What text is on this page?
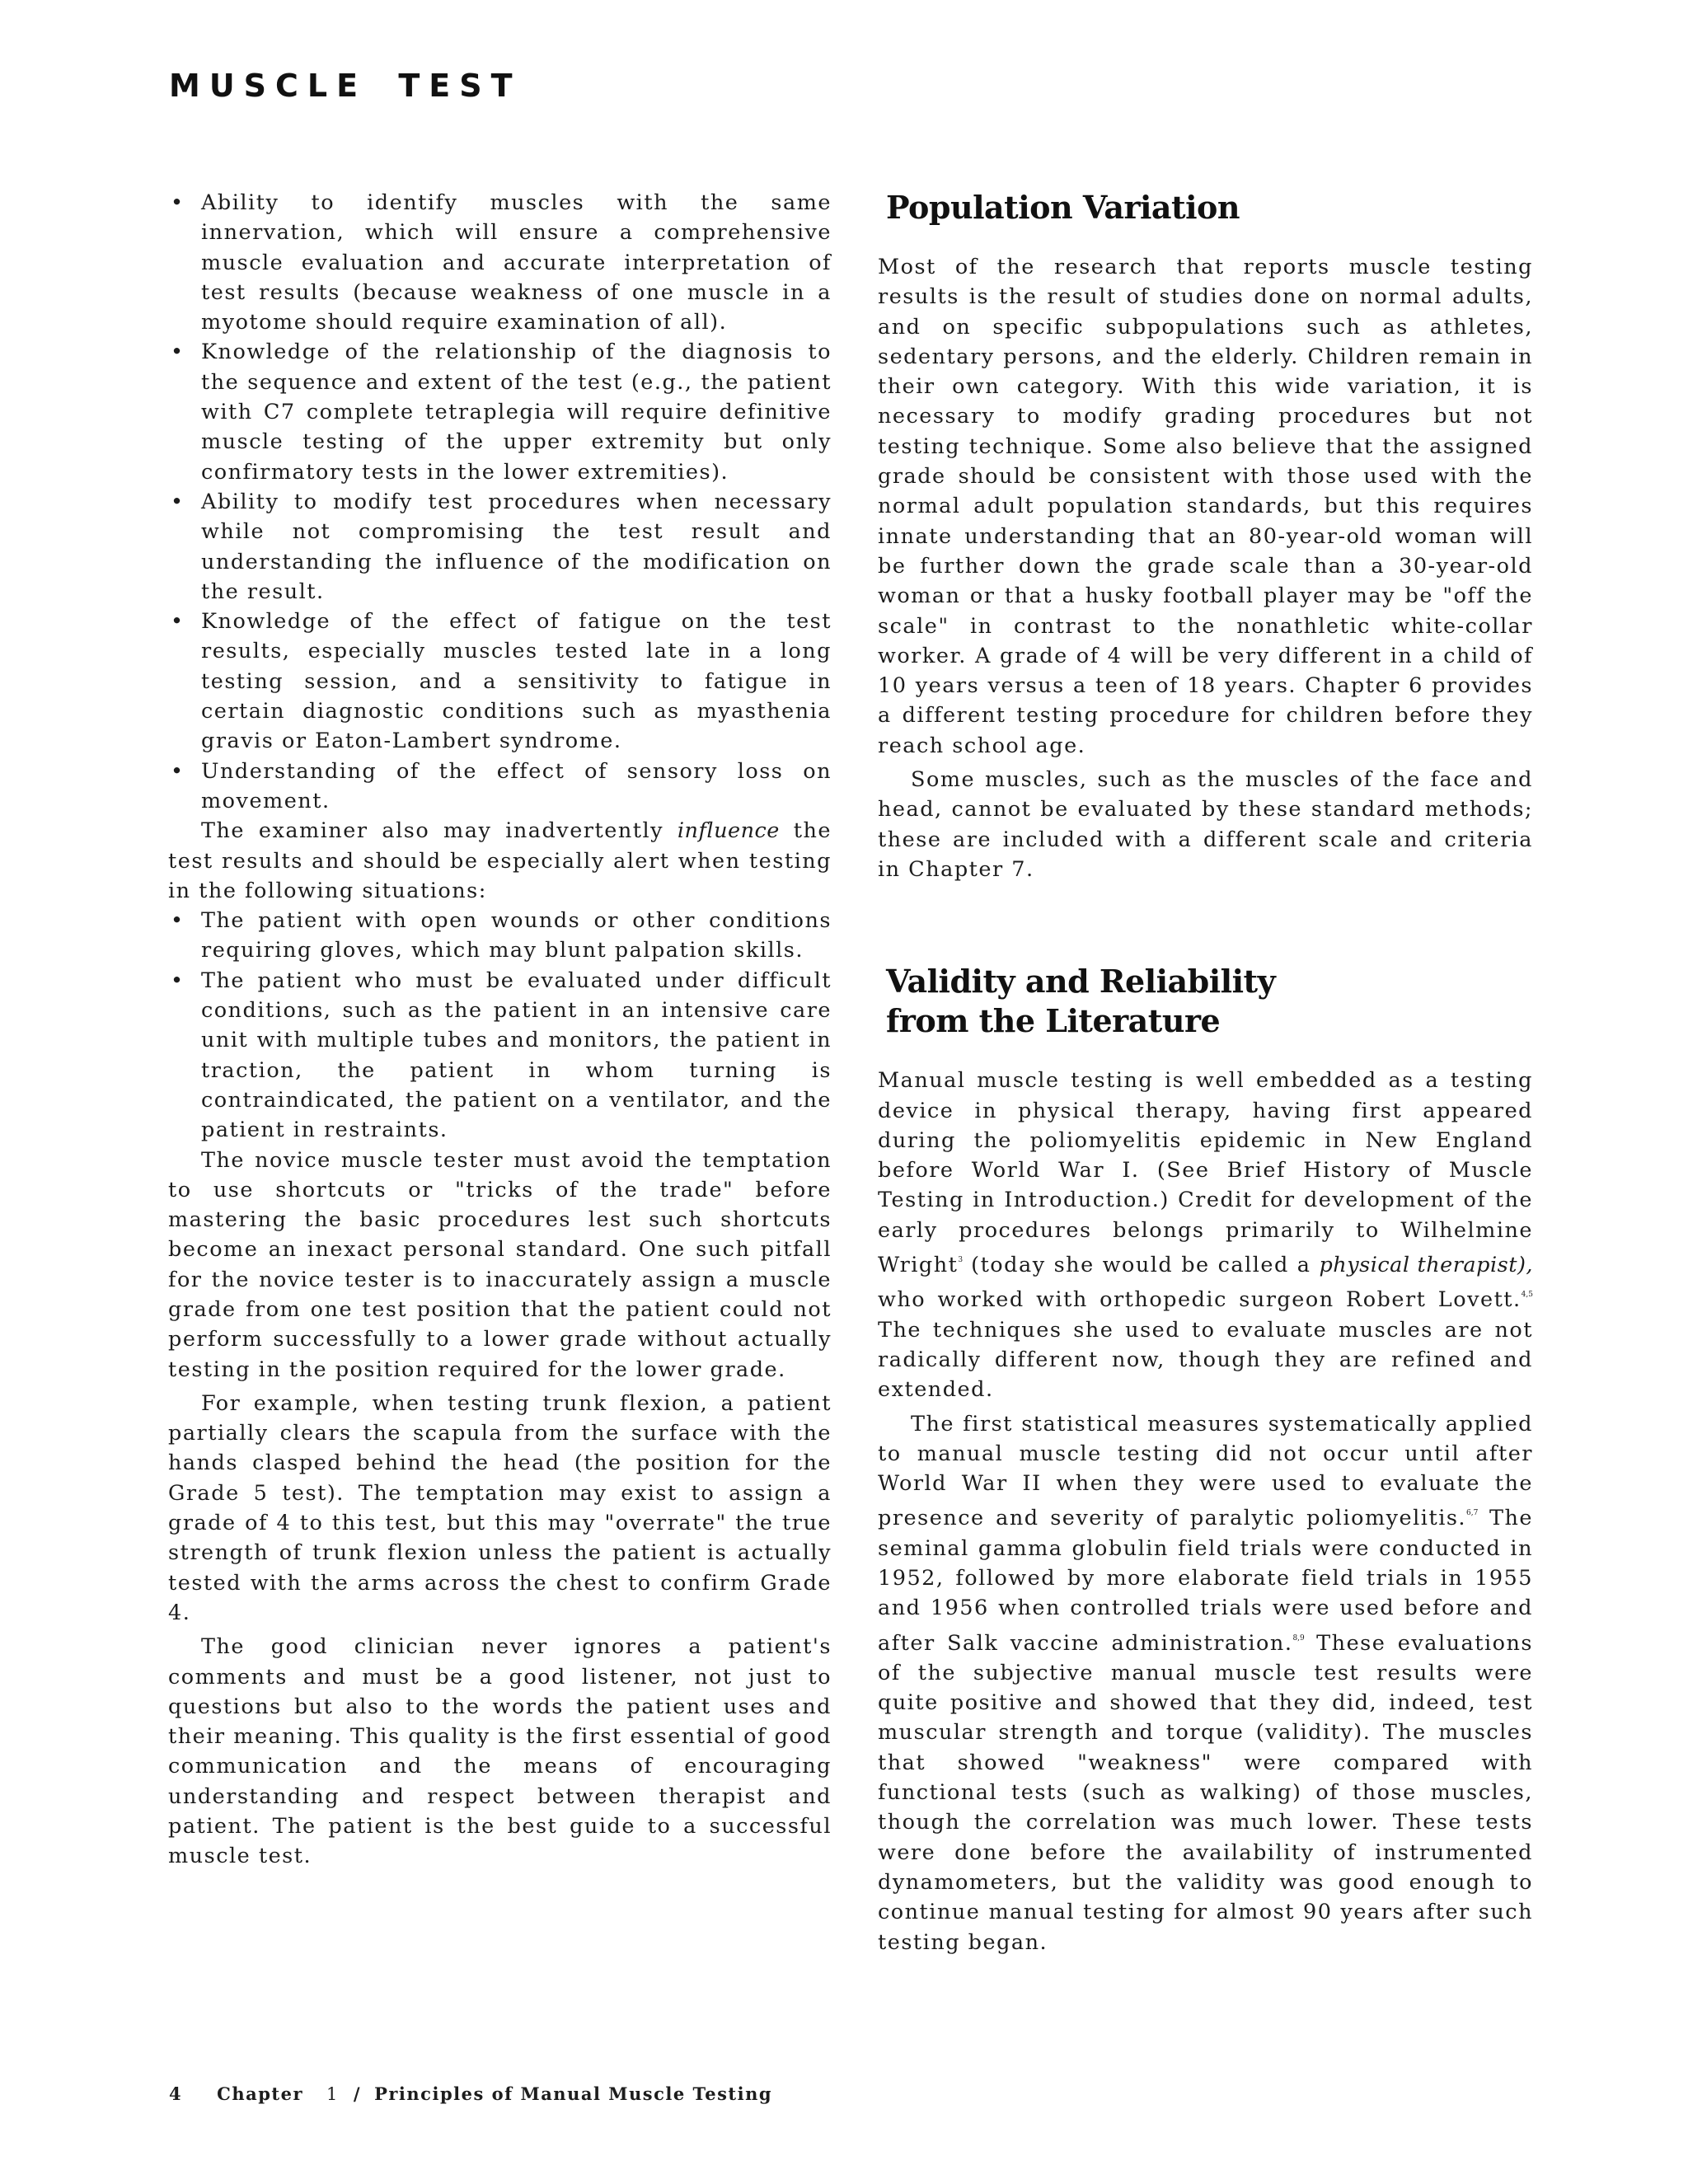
MUSCLE TEST
• Ability to identify muscles with the same innervation, which will ensure a comprehensive muscle evaluation and accurate interpretation of test results (because weakness of one muscle in a myotome should require examination of all).
• Knowledge of the relationship of the diagnosis to the sequence and extent of the test (e.g., the patient with C7 complete tetraplegia will require definitive muscle testing of the upper extremity but only confirmatory tests in the lower extremities).
• Ability to modify test procedures when necessary while not compromising the test result and understanding the influence of the modification on the result.
• Knowledge of the effect of fatigue on the test results, especially muscles tested late in a long testing session, and a sensitivity to fatigue in certain diagnostic conditions such as myasthenia gravis or Eaton-Lambert syndrome.
• Understanding of the effect of sensory loss on movement.

The examiner also may inadvertently influence the test results and should be especially alert when testing in the following situations:

• The patient with open wounds or other conditions requiring gloves, which may blunt palpation skills.
• The patient who must be evaluated under difficult conditions, such as the patient in an intensive care unit with multiple tubes and monitors, the patient in traction, the patient in whom turning is contraindicated, the patient on a ventilator, and the patient in restraints.

The novice muscle tester must avoid the temptation to use shortcuts or "tricks of the trade" before mastering the basic procedures lest such shortcuts become an inexact personal standard. One such pitfall for the novice tester is to inaccurately assign a muscle grade from one test position that the patient could not perform successfully to a lower grade without actually testing in the position required for the lower grade.

For example, when testing trunk flexion, a patient partially clears the scapula from the surface with the hands clasped behind the head (the position for the Grade 5 test). The temptation may exist to assign a grade of 4 to this test, but this may "overrate" the true strength of trunk flexion unless the patient is actually tested with the arms across the chest to confirm Grade 4.

The good clinician never ignores a patient's comments and must be a good listener, not just to questions but also to the words the patient uses and their meaning. This quality is the first essential of good communication and the means of encouraging understanding and respect between therapist and patient. The patient is the best guide to a successful muscle test.

Population Variation

Most of the research that reports muscle testing results is the result of studies done on normal adults, and on specific subpopulations such as athletes, sedentary persons, and the elderly. Children remain in their own category. With this wide variation, it is necessary to modify grading procedures but not testing technique. Some also believe that the assigned grade should be consistent with those used with the normal adult population standards, but this requires innate understanding that an 80-year-old woman will be further down the grade scale than a 30-year-old woman or that a husky football player may be "off the scale" in contrast to the nonathletic white-collar worker. A grade of 4 will be very different in a child of 10 years versus a teen of 18 years. Chapter 6 provides a different testing procedure for children before they reach school age.

Some muscles, such as the muscles of the face and head, cannot be evaluated by these standard methods; these are included with a different scale and criteria in Chapter 7.

Validity and Reliability
from the Literature

Manual muscle testing is well embedded as a testing device in physical therapy, having first appeared during the poliomyelitis epidemic in New England before World War I. (See Brief History of Muscle Testing in Introduction.) Credit for development of the early procedures belongs primarily to Wilhelmine Wright$^3$ (today she would be called a physical therapist), who worked with orthopedic surgeon Robert Lovett.$^{4,5}$ The techniques she used to evaluate muscles are not radically different now, though they are refined and extended.

The first statistical measures systematically applied to manual muscle testing did not occur until after World War II when they were used to evaluate the presence and severity of paralytic poliomyelitis.$^{6,7}$ The seminal gamma globulin field trials were conducted in 1952, followed by more elaborate field trials in 1955 and 1956 when controlled trials were used before and after Salk vaccine administration.$^{8,9}$ These evaluations of the subjective manual muscle test results were quite positive and showed that they did, indeed, test muscular strength and torque (validity). The muscles that showed "weakness" were compared with functional tests (such as walking) of those muscles, though the correlation was much lower. These tests were done before the availability of instrumented dynamometers, but the validity was good enough to continue manual testing for almost 90 years after such testing began.

4 Chapter 1 / Principles of Manual Muscle Testing
